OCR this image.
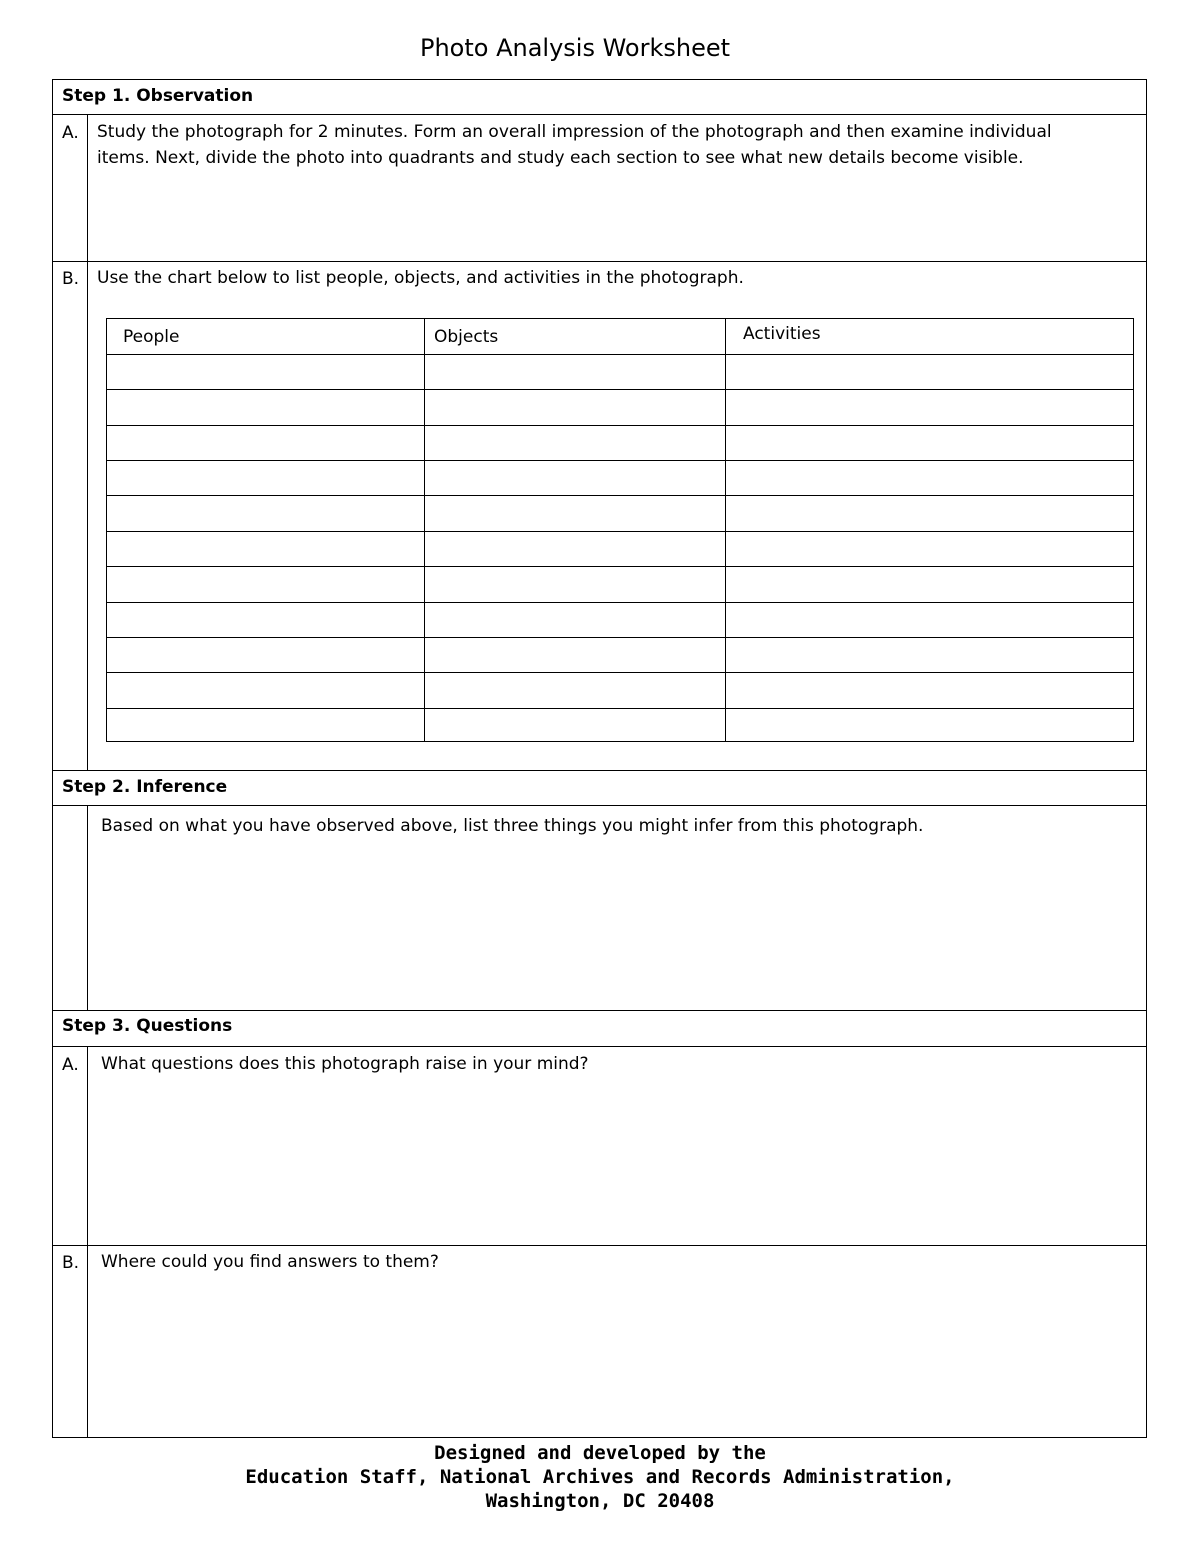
Photo Analysis Worksheet
Step 1. Observation
A. Study the photograph for 2 minutes. Form an overall impression of the photograph and then examine individual
items. Next, divide the photo into quadrants and study each section to see what new details become visible.
B. Use the chart below to list people, objects, and activities in the photograph.
People	Objects	Activities
Step 2. Inference
Based on what you have observed above, list three things you might infer from this photograph.
Step 3. Questions
A. What questions does this photograph raise in your mind?
B. Where could you find answers to them?
Designed and developed by the
Education Staff, National Archives and Records Administration,
Washington, DC 20408
